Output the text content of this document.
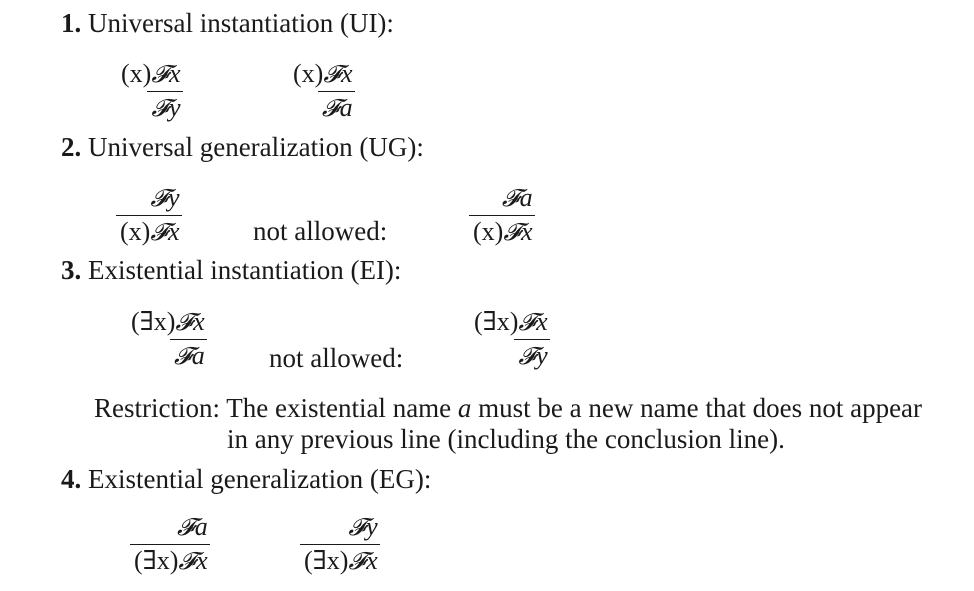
1. Universal instantiation (UI):
(x)𝓕x
𝓕y
(x)𝓕x
𝓕a
2. Universal generalization (UG):
𝓕y
(x)𝓕x	not allowed:
𝓕a
(x)𝓕x
3. Existential instantiation (EI):
(∃x)𝓕x
𝓕a not allowed:
(∃x)𝓕x
𝓕y
Restriction: The existential name a must be a new name that does not appear
in any previous line (including the conclusion line).
4. Existential generalization (EG):
𝓕a
(∃x)𝓕x
𝓕y
(∃x)𝓕x
